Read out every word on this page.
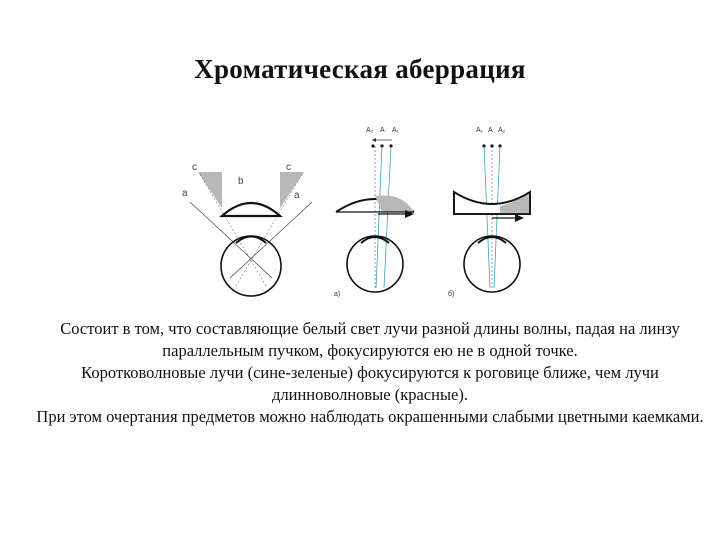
Хроматическая аберрация
c	c
b
a	a
A₂ A A₁
а)
A₁ A A₂
б)

Состоит в том, что составляющие белый свет лучи разной длины волны, падая на линзу параллельным пучком, фокусируются ею не в одной точке.

Коротковолновые лучи (сине-зеленые) фокусируются к роговице ближе, чем лучи длинноволновые (красные).

При этом очертания предметов можно наблюдать окрашенными слабыми цветными каемками.
